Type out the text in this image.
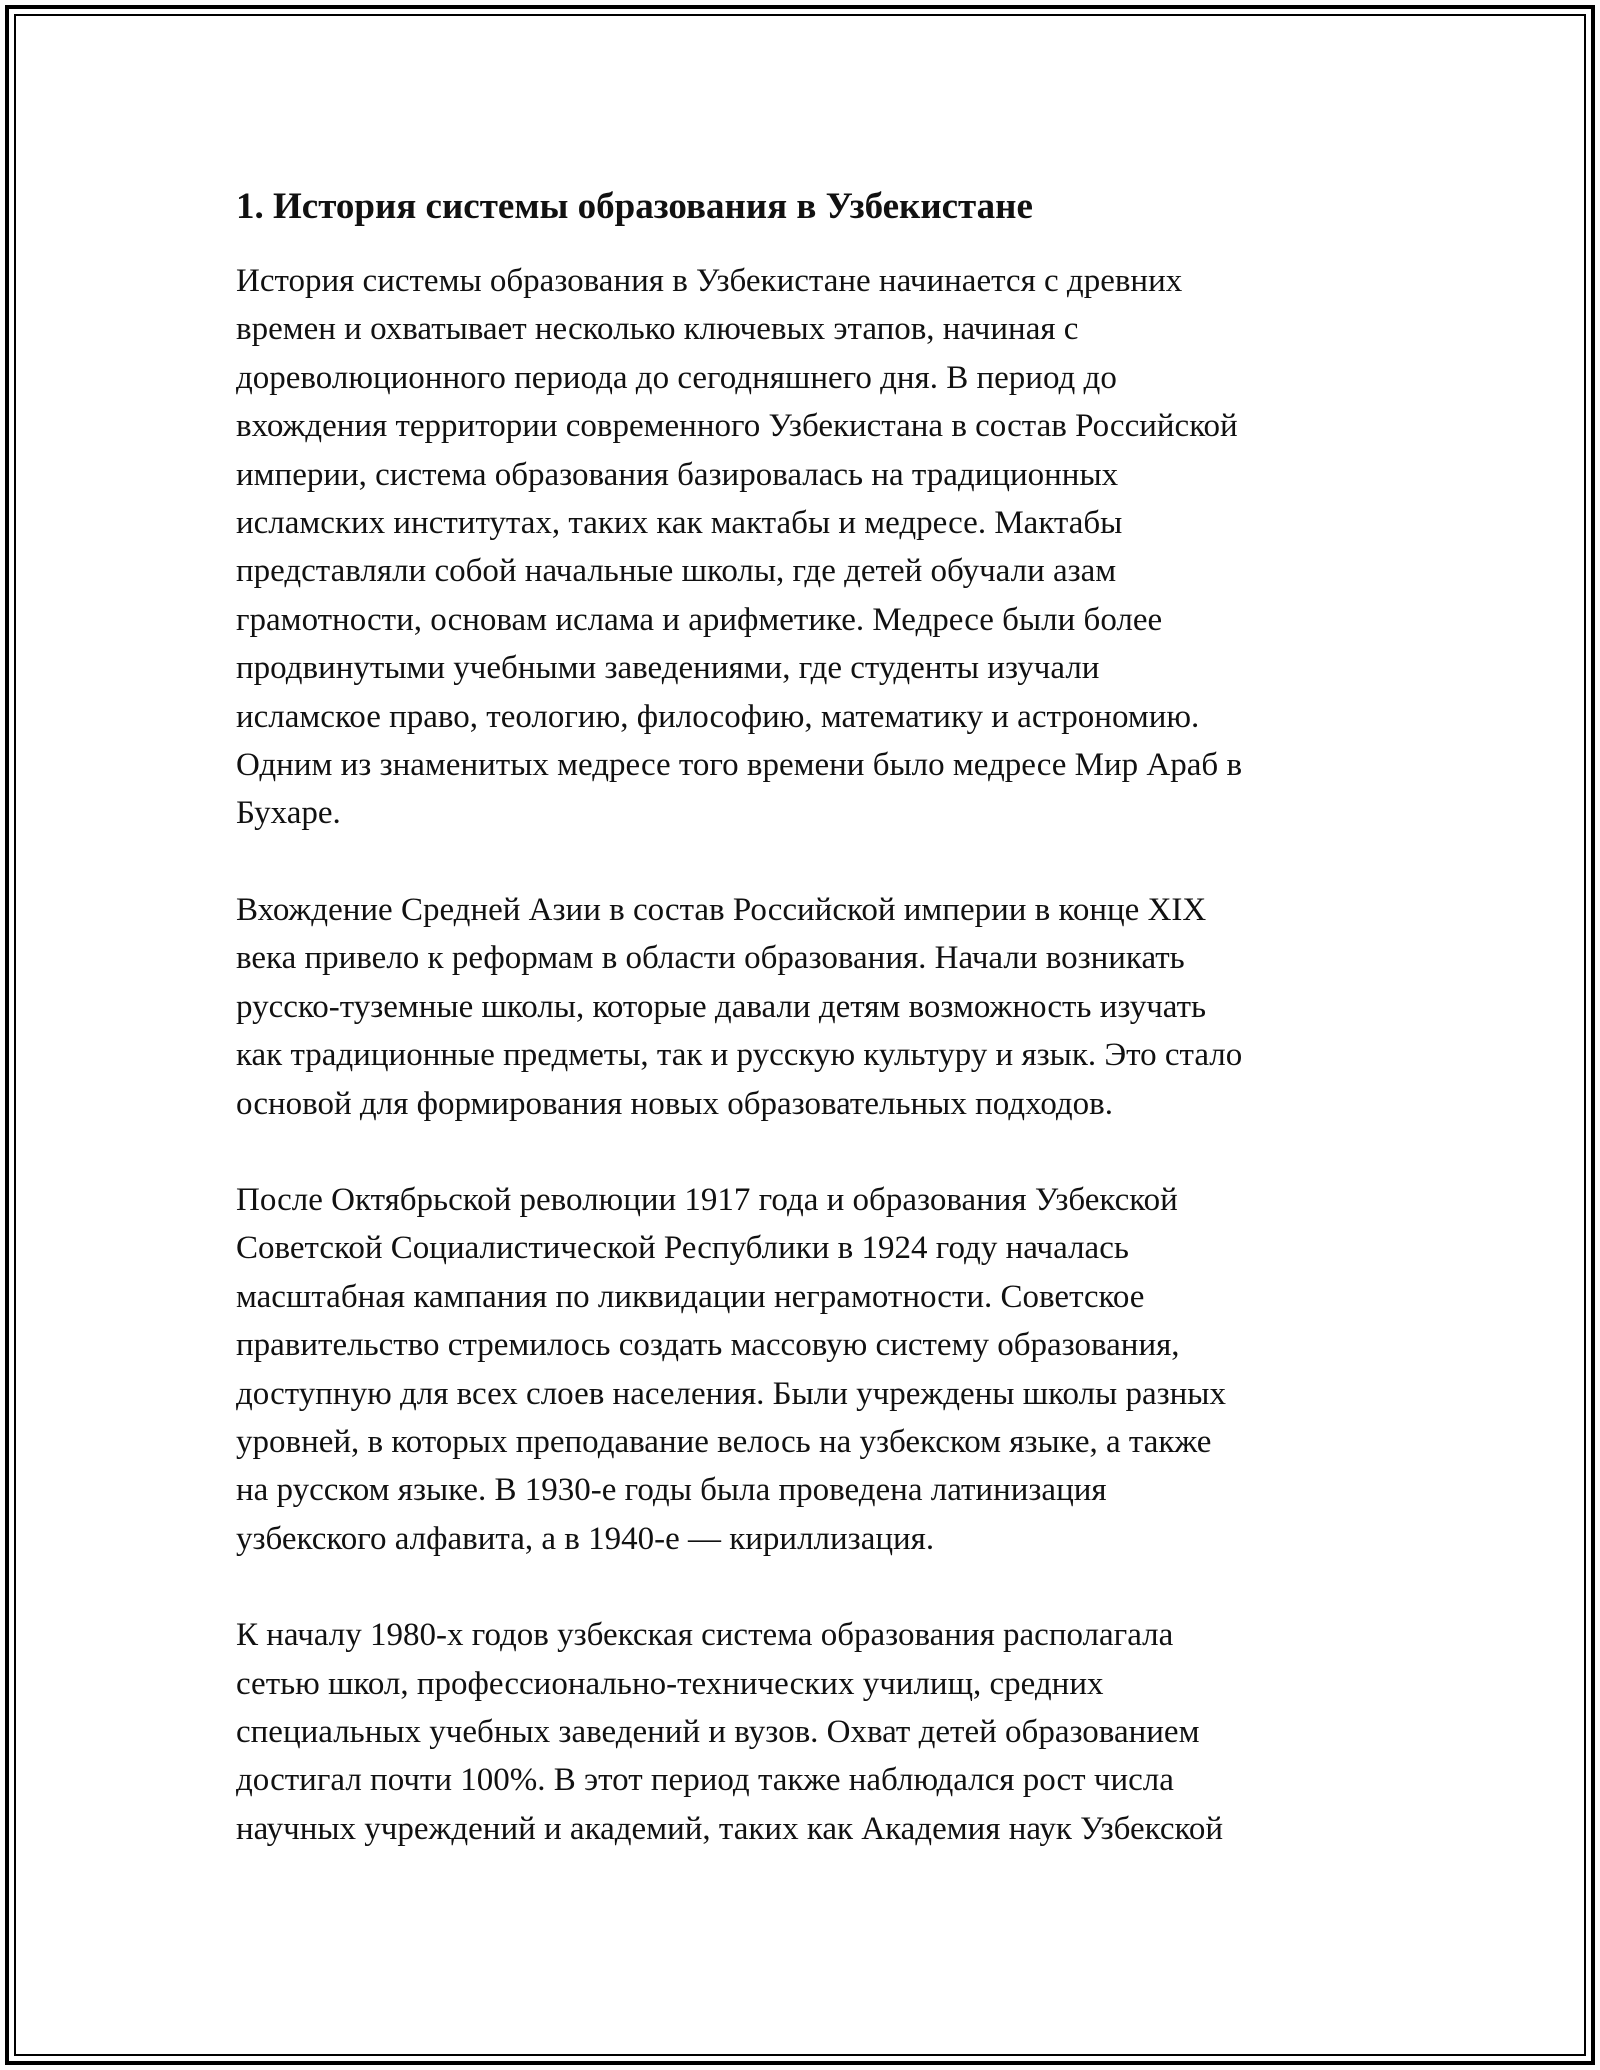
1. История системы образования в Узбекистане

История системы образования в Узбекистане начинается с древних
времен и охватывает несколько ключевых этапов, начиная с
дореволюционного периода до сегодняшнего дня. В период до
вхождения территории современного Узбекистана в состав Российской
империи, система образования базировалась на традиционных
исламских институтах, таких как мактабы и медресе. Мактабы
представляли собой начальные школы, где детей обучали азам
грамотности, основам ислама и арифметике. Медресе были более
продвинутыми учебными заведениями, где студенты изучали
исламское право, теологию, философию, математику и астрономию.
Одним из знаменитых медресе того времени было медресе Мир Араб в
Бухаре.

Вхождение Средней Азии в состав Российской империи в конце XIX
века привело к реформам в области образования. Начали возникать
русско-туземные школы, которые давали детям возможность изучать
как традиционные предметы, так и русскую культуру и язык. Это стало
основой для формирования новых образовательных подходов.

После Октябрьской революции 1917 года и образования Узбекской
Советской Социалистической Республики в 1924 году началась
масштабная кампания по ликвидации неграмотности. Советское
правительство стремилось создать массовую систему образования,
доступную для всех слоев населения. Были учреждены школы разных
уровней, в которых преподавание велось на узбекском языке, а также
на русском языке. В 1930-е годы была проведена латинизация
узбекского алфавита, а в 1940-е — кириллизация.

К началу 1980-х годов узбекская система образования располагала
сетью школ, профессионально-технических училищ, средних
специальных учебных заведений и вузов. Охват детей образованием
достигал почти 100%. В этот период также наблюдался рост числа
научных учреждений и академий, таких как Академия наук Узбекской
